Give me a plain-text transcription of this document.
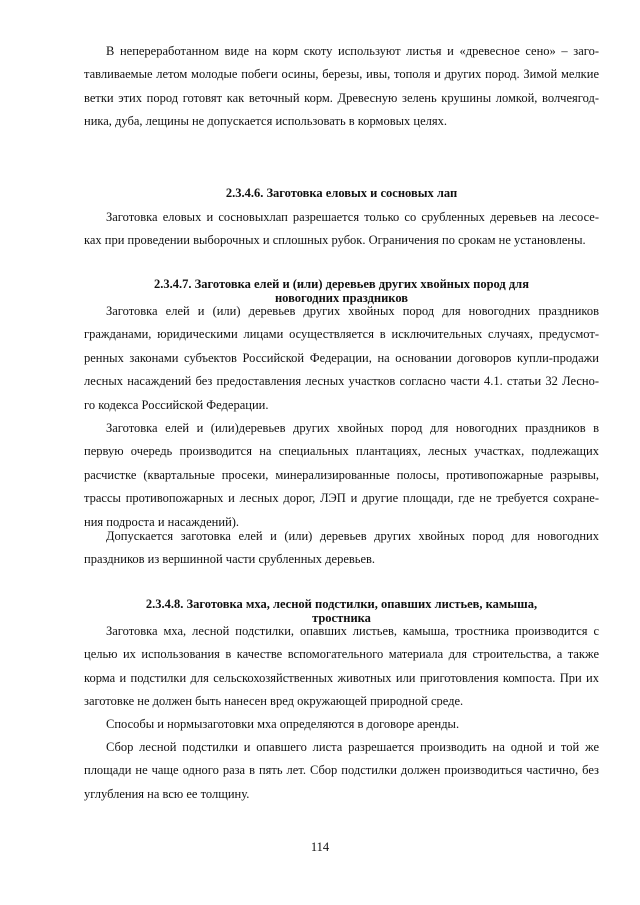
В непереработанном виде на корм скоту используют листья и «древесное сено» – заго-
тавливаемые летом молодые побеги осины, березы, ивы, тополя и других пород. Зимой мелкие
ветки этих пород готовят как веточный корм. Древесную зелень крушины ломкой, волчеягод-
ника, дуба, лещины не допускается использовать в кормовых целях.
2.3.4.6. Заготовка еловых и сосновых лап
Заготовка еловых и сосновыхлап разрешается только со срубленных деревьев на лесосе-
ках при проведении выборочных и сплошных рубок. Ограничения по срокам не установлены.
2.3.4.7. Заготовка елей и (или) деревьев других хвойных пород для
новогодних праздников
Заготовка елей и (или) деревьев других хвойных пород для новогодних праздников
гражданами, юридическими лицами осуществляется в исключительных случаях, предусмот-
ренных законами субъектов Российской Федерации, на основании договоров купли-продажи
лесных насаждений без предоставления лесных участков согласно части 4.1. статьи 32 Лесно-
го кодекса Российской Федерации.
Заготовка елей и (или)деревьев других хвойных пород для новогодних праздников в
первую очередь производится на специальных плантациях, лесных участках, подлежащих
расчистке (квартальные просеки, минерализированные полосы, противопожарные разрывы,
трассы противопожарных и лесных дорог, ЛЭП и другие площади, где не требуется сохране-
ния подроста и насаждений).
Допускается заготовка елей и (или) деревьев других хвойных пород для новогодних
праздников из вершинной части срубленных деревьев.
2.3.4.8. Заготовка мха, лесной подстилки, опавших листьев, камыша,
тростника
Заготовка мха, лесной подстилки, опавших листьев, камыша, тростника производится с
целью их использования в качестве вспомогательного материала для строительства, а также
корма и подстилки для сельскохозяйственных животных или приготовления компоста. При их
заготовке не должен быть нанесен вред окружающей природной среде.
Способы и нормызаготовки мха определяются в договоре аренды.
Сбор лесной подстилки и опавшего листа разрешается производить на одной и той же
площади не чаще одного раза в пять лет. Сбор подстилки должен производиться частично, без
углубления на всю ее толщину.
114
